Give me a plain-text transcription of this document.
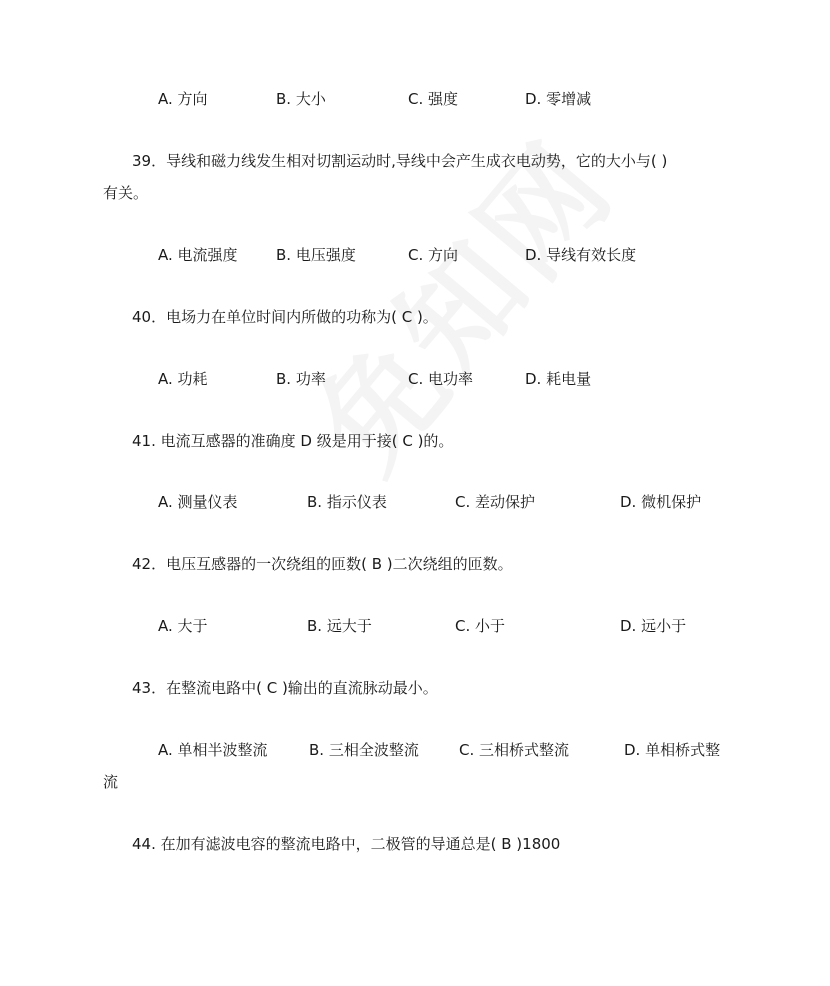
A. 方向	B. 大小	C. 强度	D. 零增减
39．导线和磁力线发生相对切割运动时,导线中会产生成衣电动势，它的大小与( )
有关。
A. 电流强度	B. 电压强度	C. 方向	D. 导线有效长度
40．电场力在单位时间内所做的功称为( C )。
A. 功耗	B. 功率	C. 电功率	D. 耗电量
41. 电流互感器的准确度 D 级是用于接( C )的。
A. 测量仪表	B. 指示仪表	C. 差动保护	D. 微机保护
42．电压互感器的一次绕组的匝数( B )二次绕组的匝数。
A. 大于	B. 远大于	C. 小于	D. 远小于
43．在整流电路中( C )输出的直流脉动最小。
A. 单相半波整流	B. 三相全波整流	C. 三相桥式整流	D. 单相桥式整
流
44. 在加有滤波电容的整流电路中，二极管的导通总是( B )1800
